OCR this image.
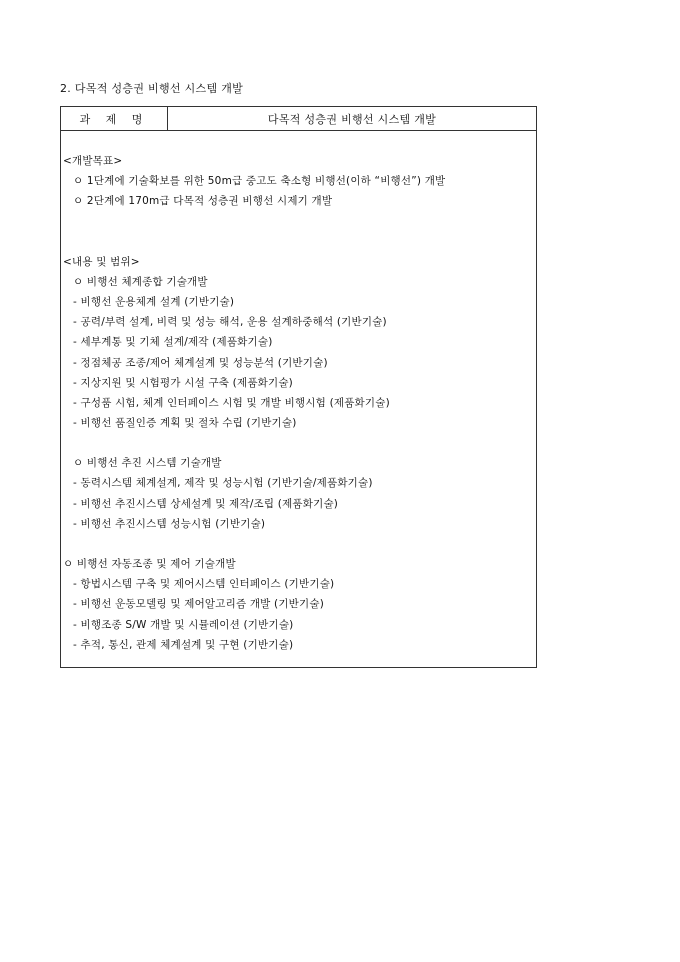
2. 다목적 성층권 비행선 시스템 개발
과 제 명	다목적 성층권 비행선 시스템 개발
<개발목표>
ㅇ 1단계에 기술확보를 위한 50m급 중고도 축소형 비행선(이하 “비행선”) 개발
ㅇ 2단계에 170m급 다목적 성층권 비행선 시제기 개발
<내용 및 범위>
ㅇ 비행선 체계종합 기술개발
- 비행선 운용체계 설계 (기반기술)
- 공력/부력 설계, 비력 및 성능 해석, 운용 설계하중해석 (기반기술)
- 세부계통 및 기체 설계/제작 (제품화기술)
- 정점체공 조종/제어 체계설계 및 성능분석 (기반기술)
- 지상지원 및 시험평가 시설 구축 (제품화기술)
- 구성품 시험, 체계 인터페이스 시험 및 개발 비행시험 (제품화기술)
- 비행선 품질인증 계획 및 절차 수립 (기반기술)
ㅇ 비행선 추진 시스템 기술개발
- 동력시스템 체계설계, 제작 및 성능시험 (기반기술/제품화기술)
- 비행선 추진시스템 상세설계 및 제작/조립 (제품화기술)
- 비행선 추진시스템 성능시험 (기반기술)
ㅇ 비행선 자동조종 및 제어 기술개발
- 항법시스템 구축 및 제어시스템 인터페이스 (기반기술)
- 비행선 운동모델링 및 제어알고리즘 개발 (기반기술)
- 비행조종 S/W 개발 및 시뮬레이션 (기반기술)
- 추적, 통신, 관제 체계설계 및 구현 (기반기술)
